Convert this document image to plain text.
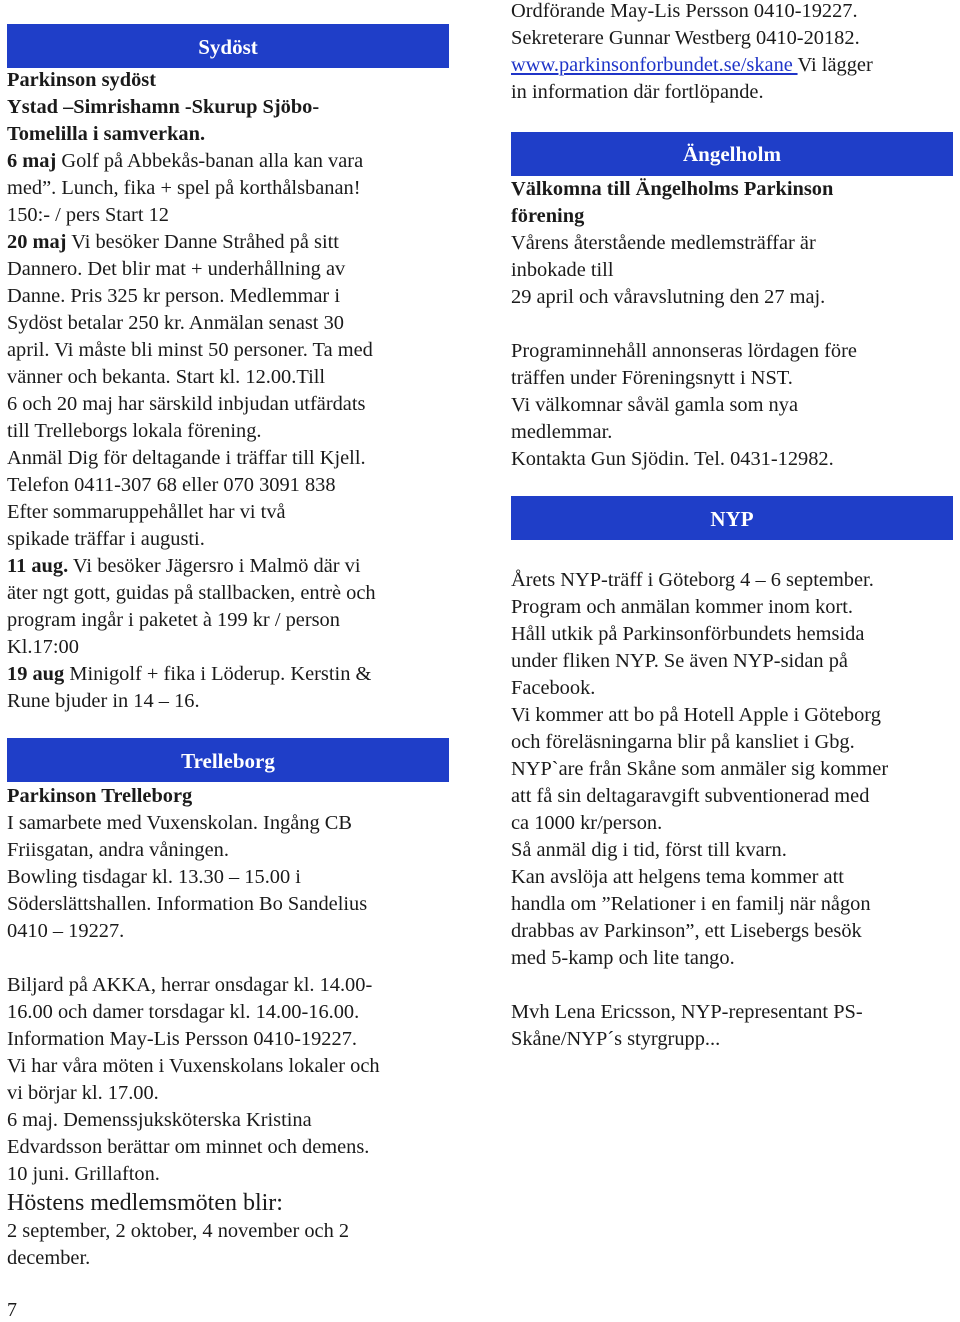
Sydöst

Parkinson sydöst
Ystad –Simrishamn -Skurup Sjöbo-
Tomelilla i samverkan.

6 maj Golf på Abbekås-banan alla kan vara
med”. Lunch, fika + spel på korthålsbanan!
150:- / pers Start 12

20 maj Vi besöker Danne Stråhed på sitt
Dannero. Det blir mat + underhållning av
Danne. Pris 325 kr person. Medlemmar i
Sydöst betalar 250 kr. Anmälan senast 30
april. Vi måste bli minst 50 personer. Ta med
vänner och bekanta. Start kl. 12.00.Till
6 och 20 maj har särskild inbjudan utfärdats
till Trelleborgs lokala förening.
Anmäl Dig för deltagande i träffar till Kjell.
Telefon 0411-307 68 eller 070 3091 838
Efter sommaruppehållet har vi två
spikade träffar i augusti.

11 aug. Vi besöker Jägersro i Malmö där vi
äter ngt gott, guidas på stallbacken, entrè och
program ingår i paketet à 199 kr / person
Kl.17:00

19 aug Minigolf + fika i Löderup. Kerstin &
Rune bjuder in 14 – 16.

Trelleborg

Parkinson Trelleborg

I samarbete med Vuxenskolan. Ingång CB
Friisgatan, andra våningen.
Bowling tisdagar kl. 13.30 – 15.00 i
Söderslättshallen. Information Bo Sandelius
0410 – 19227.

Biljard på AKKA, herrar onsdagar kl. 14.00-
16.00 och damer torsdagar kl. 14.00-16.00.
Information May-Lis Persson 0410-19227.
Vi har våra möten i Vuxenskolans lokaler och
vi börjar kl. 17.00.
6 maj. Demenssjuksköterska Kristina
Edvardsson berättar om minnet och demens.
10 juni. Grillafton.

Höstens medlemsmöten blir:

2 september, 2 oktober, 4 november och 2
december.

7

Ordförande May-Lis Persson 0410-19227.
Sekreterare Gunnar Westberg 0410-20182.

www.parkinsonforbundet.se/skane Vi lägger
in information där fortlöpande.

Ängelholm

Välkomna till Ängelholms Parkinson
förening

Vårens återstående medlemsträffar är
inbokade till
29 april och våravslutning den 27 maj.

Programinnehåll annonseras lördagen före
träffen under Föreningsnytt i NST.
Vi välkomnar såväl gamla som nya
medlemmar.
Kontakta Gun Sjödin. Tel. 0431-12982.

NYP

Årets NYP-träff i Göteborg 4 – 6 september.
Program och anmälan kommer inom kort.
Håll utkik på Parkinsonförbundets hemsida
under fliken NYP. Se även NYP-sidan på
Facebook.
Vi kommer att bo på Hotell Apple i Göteborg
och föreläsningarna blir på kansliet i Gbg.
NYP`are från Skåne som anmäler sig kommer
att få sin deltagaravgift subventionerad med
ca 1000 kr/person.
Så anmäl dig i tid, först till kvarn.
Kan avslöja att helgens tema kommer att
handla om ”Relationer i en familj när någon
drabbas av Parkinson”, ett Lisebergs besök
med 5-kamp och lite tango.

Mvh Lena Ericsson, NYP-representant PS-
Skåne/NYP´s styrgrupp...
